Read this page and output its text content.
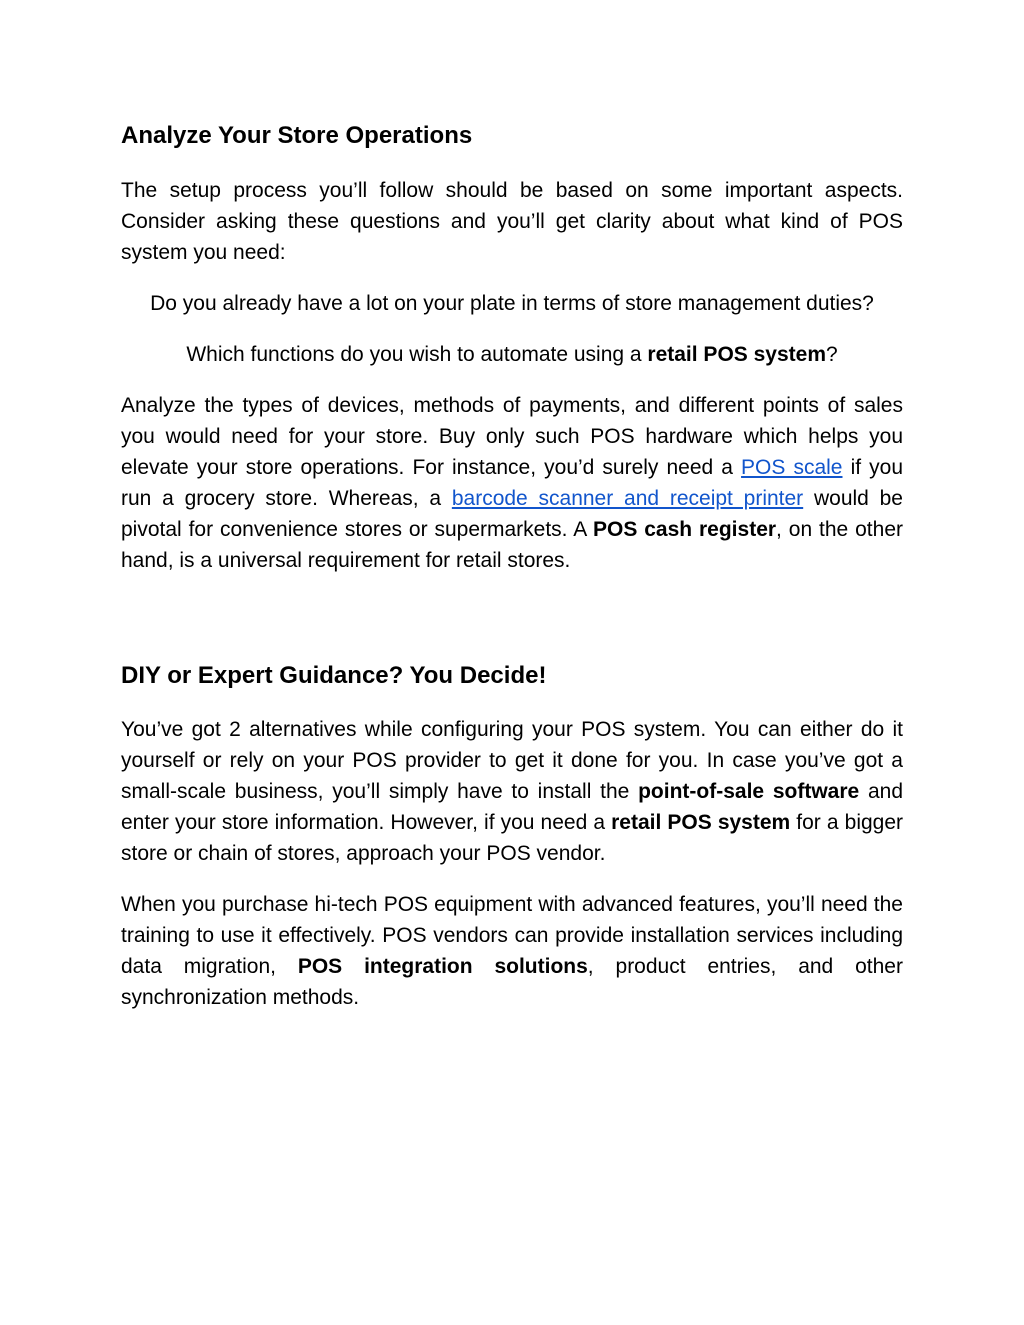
Analyze Your Store Operations

The setup process you’ll follow should be based on some important aspects. Consider asking these questions and you’ll get clarity about what kind of POS system you need:

Do you already have a lot on your plate in terms of store management duties?

Which functions do you wish to automate using a retail POS system?

Analyze the types of devices, methods of payments, and different points of sales you would need for your store. Buy only such POS hardware which helps you elevate your store operations. For instance, you’d surely need a POS scale if you run a grocery store. Whereas, a barcode scanner and receipt printer would be pivotal for convenience stores or supermarkets. A POS cash register, on the other hand, is a universal requirement for retail stores.

DIY or Expert Guidance? You Decide!

You’ve got 2 alternatives while configuring your POS system. You can either do it yourself or rely on your POS provider to get it done for you. In case you’ve got a small-scale business, you’ll simply have to install the point-of-sale software and enter your store information. However, if you need a retail POS system for a bigger store or chain of stores, approach your POS vendor.

When you purchase hi-tech POS equipment with advanced features, you’ll need the training to use it effectively. POS vendors can provide installation services including data migration, POS integration solutions, product entries, and other synchronization methods.
